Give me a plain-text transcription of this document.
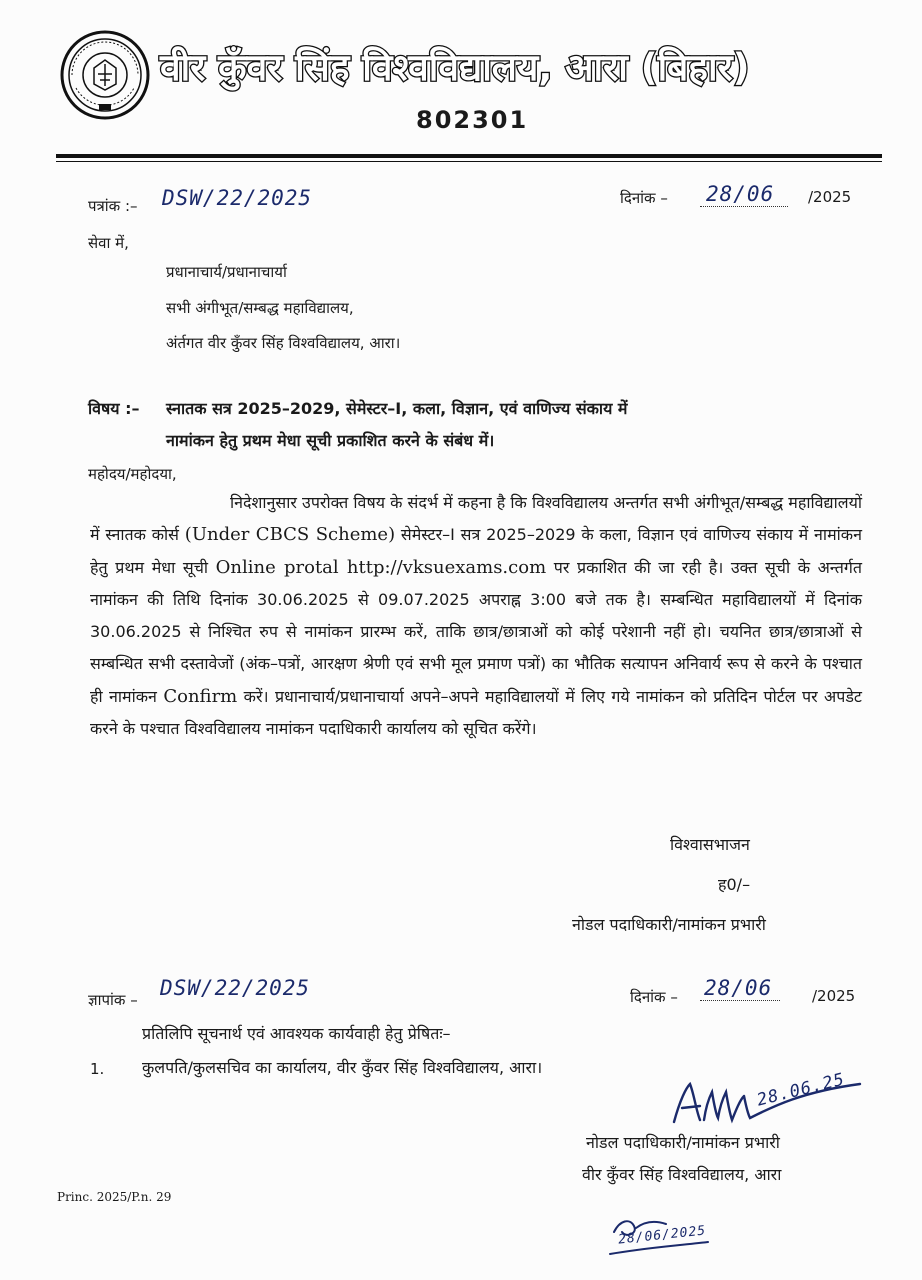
वीर कुँवर सिंह विश्वविद्यालय, आरा (बिहार)
802301
पत्रांक :– DSW/22/2025	दिनांक – 28/06	/2025
सेवा में,
प्रधानाचार्य/प्रधानाचार्या
सभी अंगीभूत/सम्बद्ध महाविद्यालय,
अंर्तगत वीर कुँवर सिंह विश्वविद्यालय, आरा।
विषय :– स्नातक सत्र 2025–2029, सेमेस्टर–I, कला, विज्ञान, एवं वाणिज्य संकाय में
नामांकन हेतु प्रथम मेधा सूची प्रकाशित करने के संबंध में।
महोदय/महोदया,
निदेशानुसार उपरोक्त विषय के संदर्भ में कहना है कि विश्वविद्यालय अन्तर्गत सभी अंगीभूत/सम्बद्ध महाविद्यालयों में स्नातक कोर्स (Under CBCS Scheme) सेमेस्टर–I सत्र 2025–2029 के कला, विज्ञान एवं वाणिज्य संकाय में नामांकन हेतु प्रथम मेधा सूची Online protal http://vksuexams.com पर प्रकाशित की जा रही है। उक्त सूची के अन्तर्गत नामांकन की तिथि दिनांक 30.06.2025 से 09.07.2025 अपराह्न 3:00 बजे तक है। सम्बन्धित महाविद्यालयों में दिनांक 30.06.2025 से निश्चित रुप से नामांकन प्रारम्भ करें, ताकि छात्र/छात्राओं को कोई परेशानी नहीं हो। चयनित छात्र/छात्राओं से सम्बन्धित सभी दस्तावेजों (अंक–पत्रों, आरक्षण श्रेणी एवं सभी मूल प्रमाण पत्रों) का भौतिक सत्यापन अनिवार्य रूप से करने के पश्चात ही नामांकन Confirm करें। प्रधानाचार्य/प्रधानाचार्या अपने–अपने महाविद्यालयों में लिए गये नामांकन को प्रतिदिन पोर्टल पर अपडेट करने के पश्चात विश्वविद्यालय नामांकन पदाधिकारी कार्यालय को सूचित करेंगे।
विश्वासभाजन
ह0/–
नोडल पदाधिकारी/नामांकन प्रभारी
ज्ञापांक – DSW/22/2025	दिनांक – 28/06	/2025
प्रतिलिपि सूचनार्थ एवं आवश्यक कार्यवाही हेतु प्रेषितः–
1. कुलपति/कुलसचिव का कार्यालय, वीर कुँवर सिंह विश्वविद्यालय, आरा।
28.06.25
नोडल पदाधिकारी/नामांकन प्रभारी
वीर कुँवर सिंह विश्वविद्यालय, आरा
Princ. 2025/P.n. 29
28/06/2025
